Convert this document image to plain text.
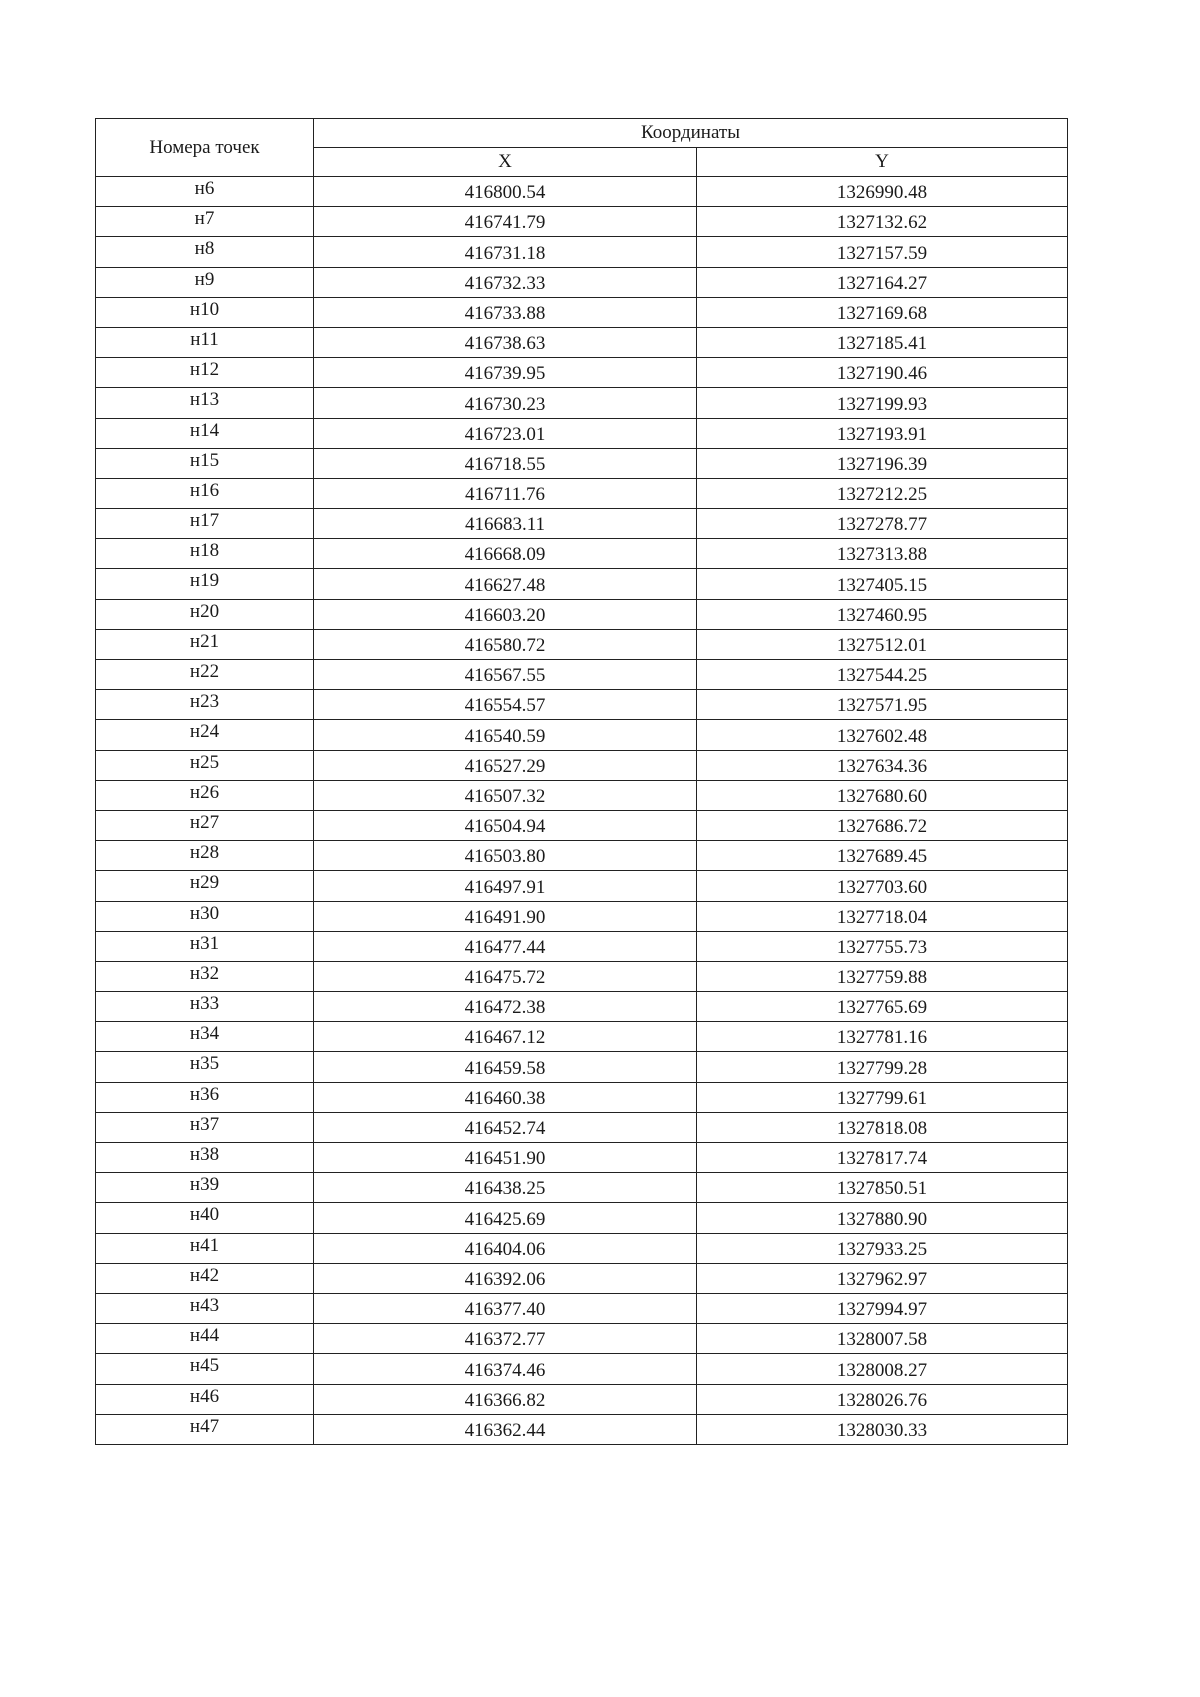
Номера точек	Координаты	
	X	Y
н6	416800.54	1326990.48
н7	416741.79	1327132.62
н8	416731.18	1327157.59
н9	416732.33	1327164.27
н10	416733.88	1327169.68
н11	416738.63	1327185.41
н12	416739.95	1327190.46
н13	416730.23	1327199.93
н14	416723.01	1327193.91
н15	416718.55	1327196.39
н16	416711.76	1327212.25
н17	416683.11	1327278.77
н18	416668.09	1327313.88
н19	416627.48	1327405.15
н20	416603.20	1327460.95
н21	416580.72	1327512.01
н22	416567.55	1327544.25
н23	416554.57	1327571.95
н24	416540.59	1327602.48
н25	416527.29	1327634.36
н26	416507.32	1327680.60
н27	416504.94	1327686.72
н28	416503.80	1327689.45
н29	416497.91	1327703.60
н30	416491.90	1327718.04
н31	416477.44	1327755.73
н32	416475.72	1327759.88
н33	416472.38	1327765.69
н34	416467.12	1327781.16
н35	416459.58	1327799.28
н36	416460.38	1327799.61
н37	416452.74	1327818.08
н38	416451.90	1327817.74
н39	416438.25	1327850.51
н40	416425.69	1327880.90
н41	416404.06	1327933.25
н42	416392.06	1327962.97
н43	416377.40	1327994.97
н44	416372.77	1328007.58
н45	416374.46	1328008.27
н46	416366.82	1328026.76
н47	416362.44	1328030.33
